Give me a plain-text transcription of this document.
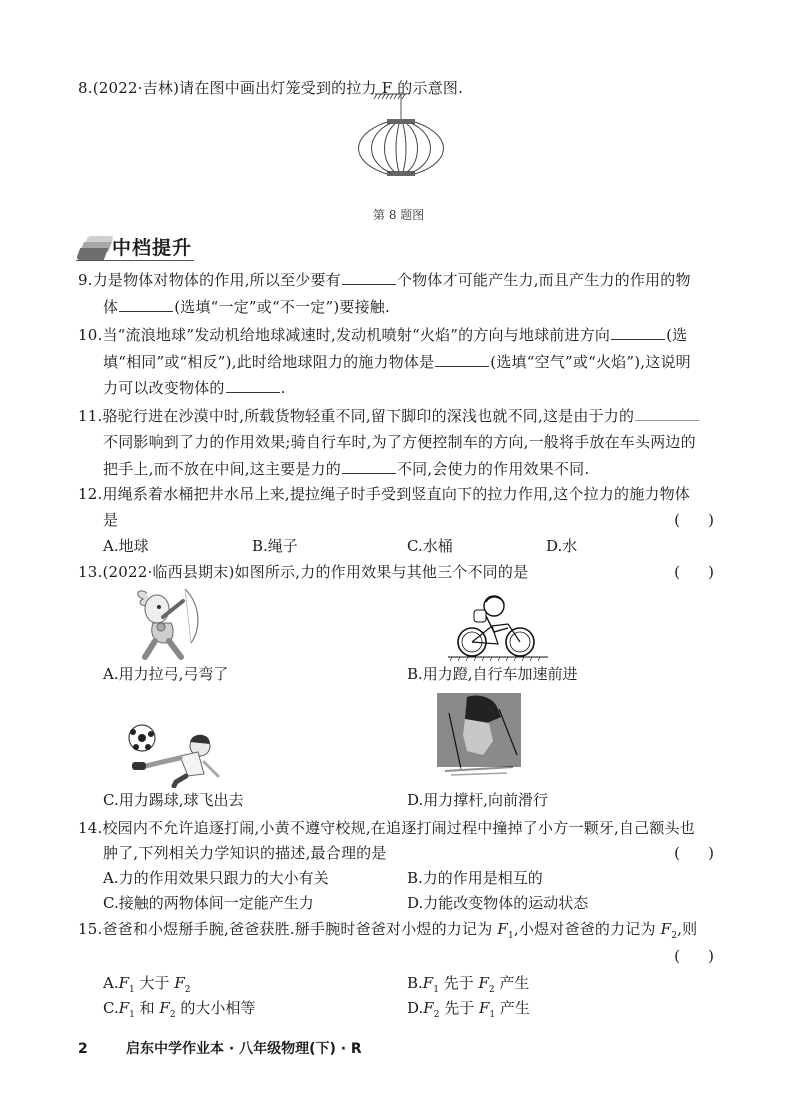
8.(2022·吉林)请在图中画出灯笼受到的拉力 F 的示意图.
第 8 题图
中档提升
9.力是物体对物体的作用,所以至少要有	个物体才可能产生力,而且产生力的作用的物
体	(选填“一定”或“不一定”)要接触.
10.当“流浪地球”发动机给地球减速时,发动机喷射“火焰”的方向与地球前进方向	(选
填“相同”或“相反”),此时给地球阻力的施力物体是	(选填“空气”或“火焰”),这说明
力可以改变物体的	.
11.骆驼行进在沙漠中时,所载货物轻重不同,留下脚印的深浅也就不同,这是由于力的
不同影响到了力的作用效果;骑自行车时,为了方便控制车的方向,一般将手放在车头两边的
把手上,而不放在中间,这主要是力的	不同,会使力的作用效果不同.
12.用绳系着水桶把井水吊上来,提拉绳子时手受到竖直向下的拉力作用,这个拉力的施力物体
是	( )
A.地球	B.绳子	C.水桶	D.水
13.(2022·临西县期末)如图所示,力的作用效果与其他三个不同的是	( )
A.用力拉弓,弓弯了	B.用力蹬,自行车加速前进
C.用力踢球,球飞出去	D.用力撑杆,向前滑行
14.校园内不允许追逐打闹,小黄不遵守校规,在追逐打闹过程中撞掉了小方一颗牙,自己额头也
肿了,下列相关力学知识的描述,最合理的是	( )
A.力的作用效果只跟力的大小有关	B.力的作用是相互的
C.接触的两物体间一定能产生力	D.力能改变物体的运动状态
15.爸爸和小煜掰手腕,爸爸获胜.掰手腕时爸爸对小煜的力记为 $F_1$,小煜对爸爸的力记为 $F_2$,则
( )
$A.F_1$ 大于 $F_2$	$B.F_1$ 先于 $F_2$ 产生
$C.F_1$ 和 $F_2$ 的大小相等	$D.F_2$ 先于 $F_1$ 产生
2	启东中学作业本 · 八年级物理(下) · R
